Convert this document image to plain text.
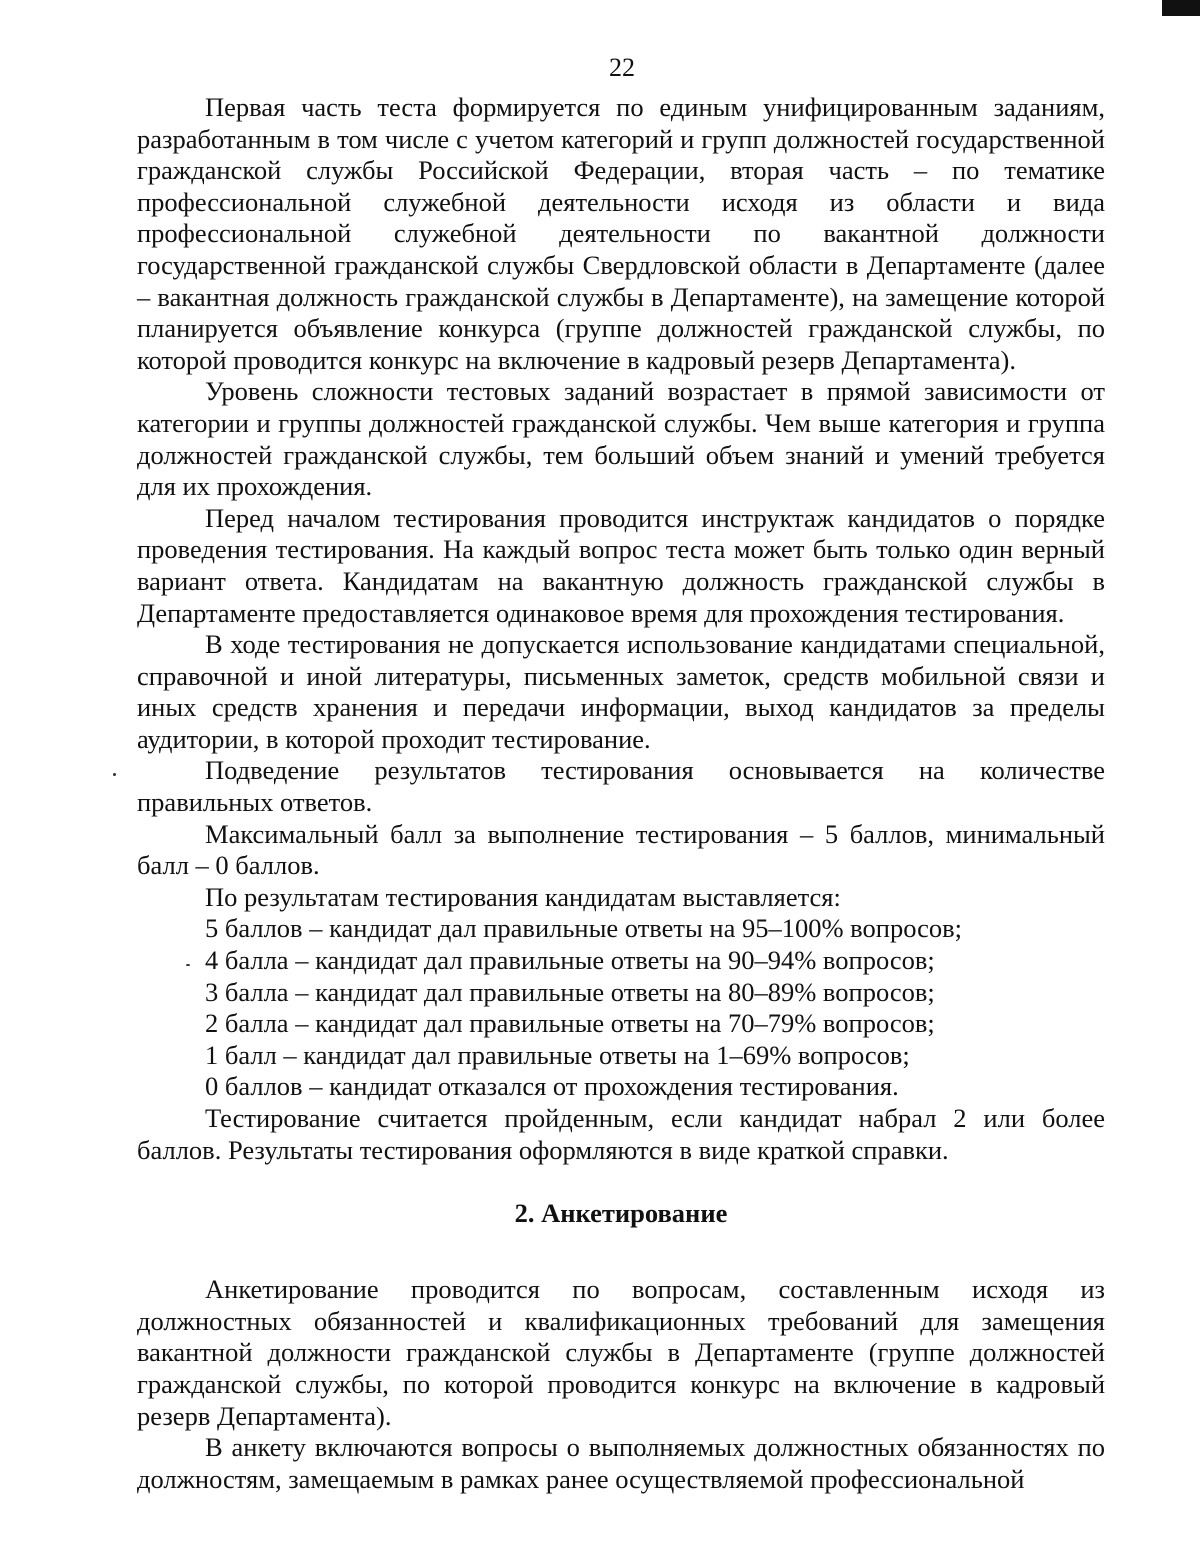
22

Первая часть теста формируется по единым унифицированным заданиям, разработанным в том числе с учетом категорий и групп должностей государственной гражданской службы Российской Федерации, вторая часть – по тематике профессиональной служебной деятельности исходя из области и вида профессиональной служебной деятельности по вакантной должности государственной гражданской службы Свердловской области в Департаменте (далее – вакантная должность гражданской службы в Департаменте), на замещение которой планируется объявление конкурса (группе должностей гражданской службы, по которой проводится конкурс на включение в кадровый резерв Департамента).

Уровень сложности тестовых заданий возрастает в прямой зависимости от категории и группы должностей гражданской службы. Чем выше категория и группа должностей гражданской службы, тем больший объем знаний и умений требуется для их прохождения.

Перед началом тестирования проводится инструктаж кандидатов о порядке проведения тестирования. На каждый вопрос теста может быть только один верный вариант ответа. Кандидатам на вакантную должность гражданской службы в Департаменте предоставляется одинаковое время для прохождения тестирования.

В ходе тестирования не допускается использование кандидатами специальной, справочной и иной литературы, письменных заметок, средств мобильной связи и иных средств хранения и передачи информации, выход кандидатов за пределы аудитории, в которой проходит тестирование.

Подведение результатов тестирования основывается на количестве правильных ответов.

Максимальный балл за выполнение тестирования – 5 баллов, минимальный балл – 0 баллов.

По результатам тестирования кандидатам выставляется:

5 баллов – кандидат дал правильные ответы на 95–100% вопросов;

4 балла – кандидат дал правильные ответы на 90–94% вопросов;

3 балла – кандидат дал правильные ответы на 80–89% вопросов;

2 балла – кандидат дал правильные ответы на 70–79% вопросов;

1 балл – кандидат дал правильные ответы на 1–69% вопросов;

0 баллов – кандидат отказался от прохождения тестирования.

Тестирование считается пройденным, если кандидат набрал 2 или более баллов. Результаты тестирования оформляются в виде краткой справки.

2. Анкетирование

Анкетирование проводится по вопросам, составленным исходя из должностных обязанностей и квалификационных требований для замещения вакантной должности гражданской службы в Департаменте (группе должностей гражданской службы, по которой проводится конкурс на включение в кадровый резерв Департамента).

В анкету включаются вопросы о выполняемых должностных обязанностях по должностям, замещаемым в рамках ранее осуществляемой профессиональной
